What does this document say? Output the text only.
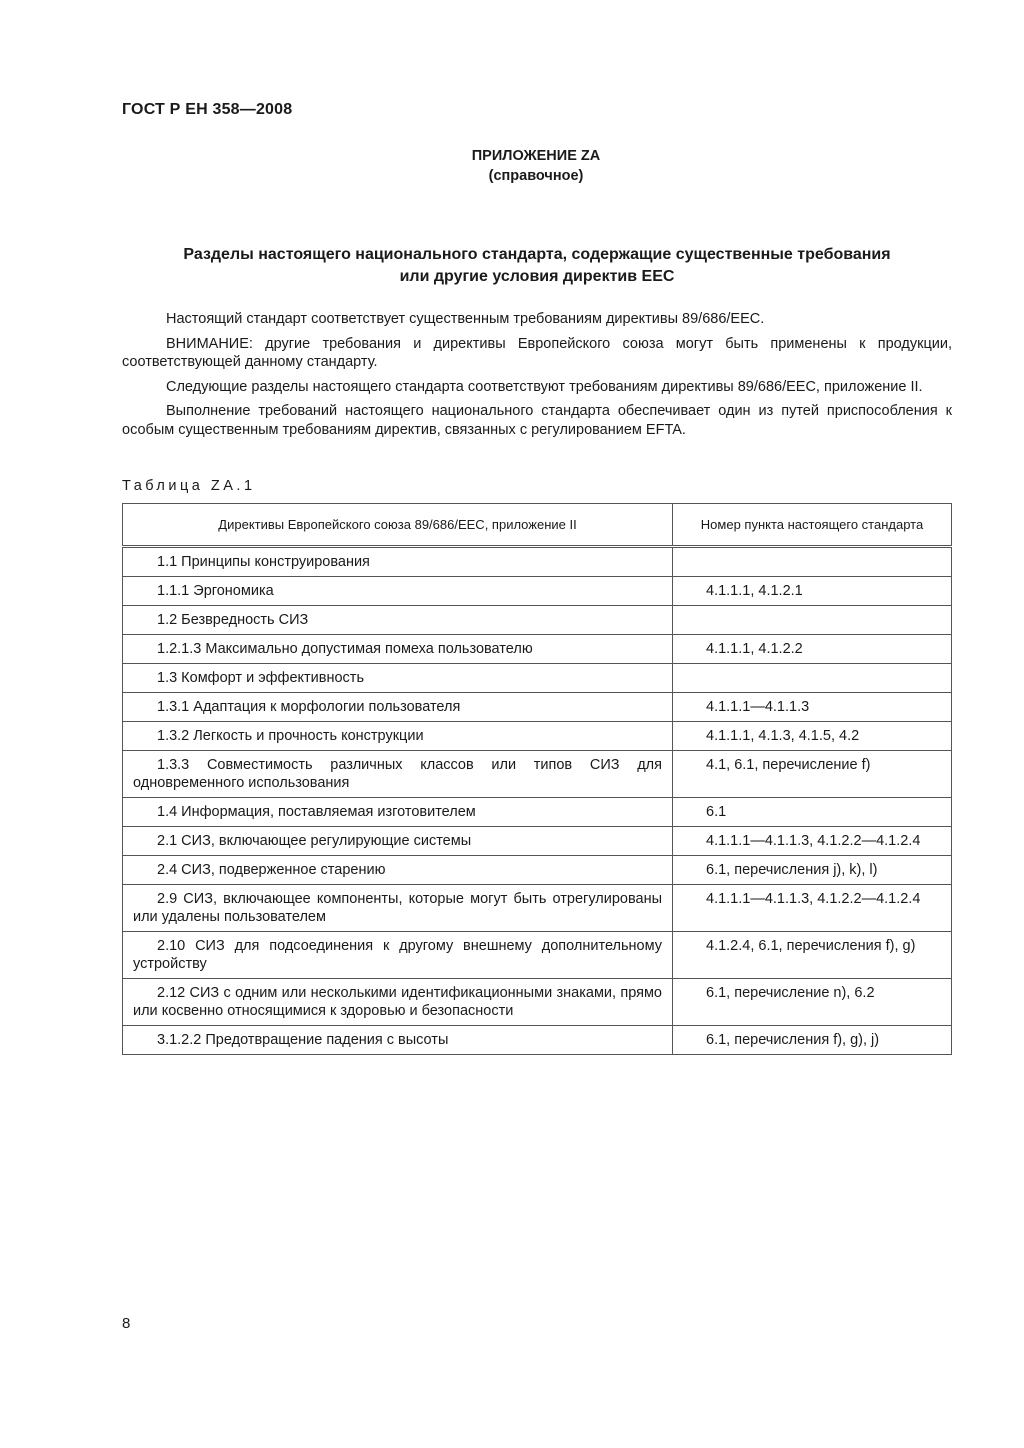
ГОСТ Р ЕН 358—2008
ПРИЛОЖЕНИЕ ZA
(справочное)
Разделы настоящего национального стандарта, содержащие существенные требования
или другие условия директив EEC

Настоящий стандарт соответствует существенным требованиям директивы 89/686/EEC.

ВНИМАНИЕ: другие требования и директивы Европейского союза могут быть применены к продукции, соответствующей данному стандарту.

Следующие разделы настоящего стандарта соответствуют требованиям директивы 89/686/EEC, приложение II.

Выполнение требований настоящего национального стандарта обеспечивает один из путей приспособления к особым существенным требованиям директив, связанных с регулированием EFTA.

Таблица ZA.1
Директивы Европейского союза 89/686/EEC, приложение II	Номер пункта настоящего стандарта
1.1 Принципы конструирования	
1.1.1 Эргономика	4.1.1.1, 4.1.2.1
1.2 Безвредность СИЗ	
1.2.1.3 Максимально допустимая помеха пользователю	4.1.1.1, 4.1.2.2
1.3 Комфорт и эффективность	
1.3.1 Адаптация к морфологии пользователя	4.1.1.1—4.1.1.3
1.3.2 Легкость и прочность конструкции	4.1.1.1, 4.1.3, 4.1.5, 4.2
1.3.3 Совместимость различных классов или типов СИЗ для одновременного использования	4.1, 6.1, перечисление f)
1.4 Информация, поставляемая изготовителем	6.1
2.1 СИЗ, включающее регулирующие системы	4.1.1.1—4.1.1.3, 4.1.2.2—4.1.2.4
2.4 СИЗ, подверженное старению	6.1, перечисления j), k), l)
2.9 СИЗ, включающее компоненты, которые могут быть отрегулированы или удалены пользователем	4.1.1.1—4.1.1.3, 4.1.2.2—4.1.2.4
2.10 СИЗ для подсоединения к другому внешнему дополнительному устройству	4.1.2.4, 6.1, перечисления f), g)
2.12 СИЗ с одним или несколькими идентификационными знаками, прямо или косвенно относящимися к здоровью и безопасности	6.1, перечисление n), 6.2
3.1.2.2 Предотвращение падения с высоты	6.1, перечисления f), g), j)
8
